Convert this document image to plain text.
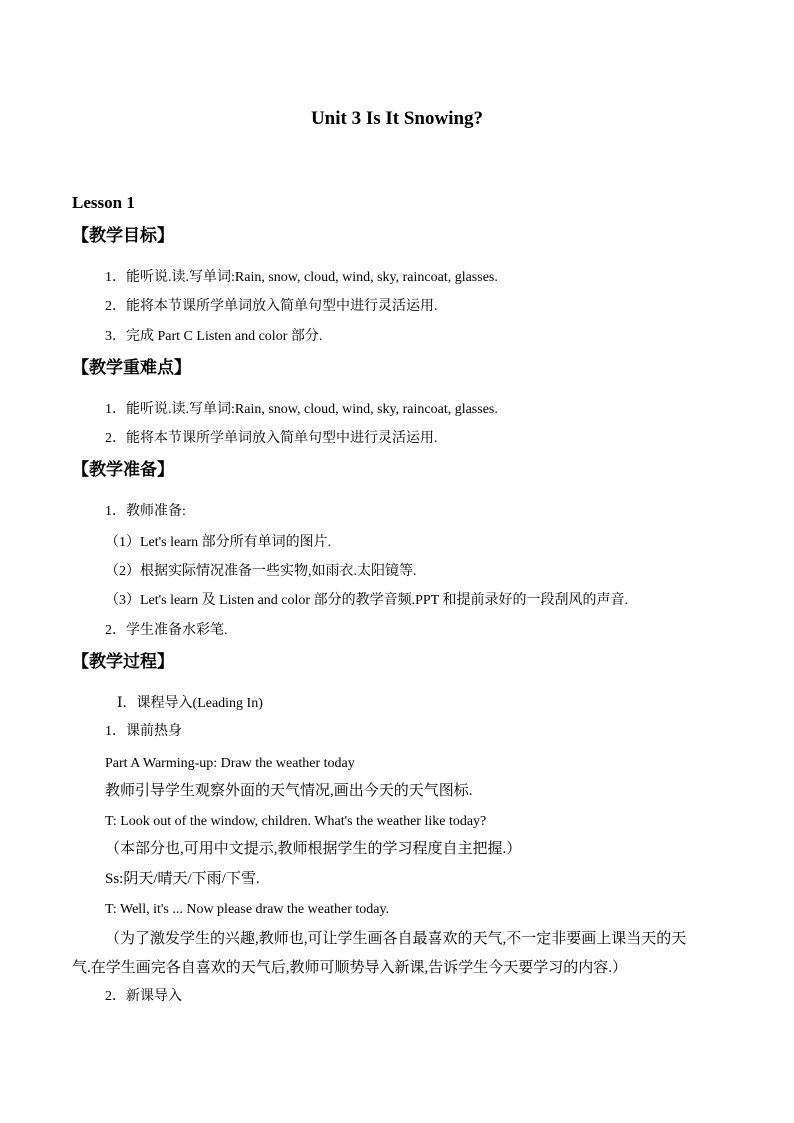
Unit 3 Is It Snowing?
Lesson 1
【教学目标】
1．能听说.读.写单词:Rain, snow, cloud, wind, sky, raincoat, glasses.
2．能将本节课所学单词放入简单句型中进行灵活运用.
3．完成 Part C Listen and color 部分.
【教学重难点】
1．能听说.读.写单词:Rain, snow, cloud, wind, sky, raincoat, glasses.
2．能将本节课所学单词放入简单句型中进行灵活运用.
【教学准备】
1．教师准备:
（1）Let's learn 部分所有单词的图片.
（2）根据实际情况准备一些实物,如雨衣.太阳镜等.
（3）Let's learn 及 Listen and color 部分的教学音频.PPT 和提前录好的一段刮风的声音.
2．学生准备水彩笔.
【教学过程】
Ⅰ．课程导入(Leading In)
1．课前热身
Part A Warming-up: Draw the weather today
教师引导学生观察外面的天气情况,画出今天的天气图标.
T: Look out of the window, children. What's the weather like today?
（本部分也,可用中文提示,教师根据学生的学习程度自主把握.）
Ss:阴天/晴天/下雨/下雪.
T: Well, it's ... Now please draw the weather today.
（为了激发学生的兴趣,教师也,可让学生画各自最喜欢的天气,不一定非要画上课当天的天
气.在学生画完各自喜欢的天气后,教师可顺势导入新课,告诉学生今天要学习的内容.）
2．新课导入
